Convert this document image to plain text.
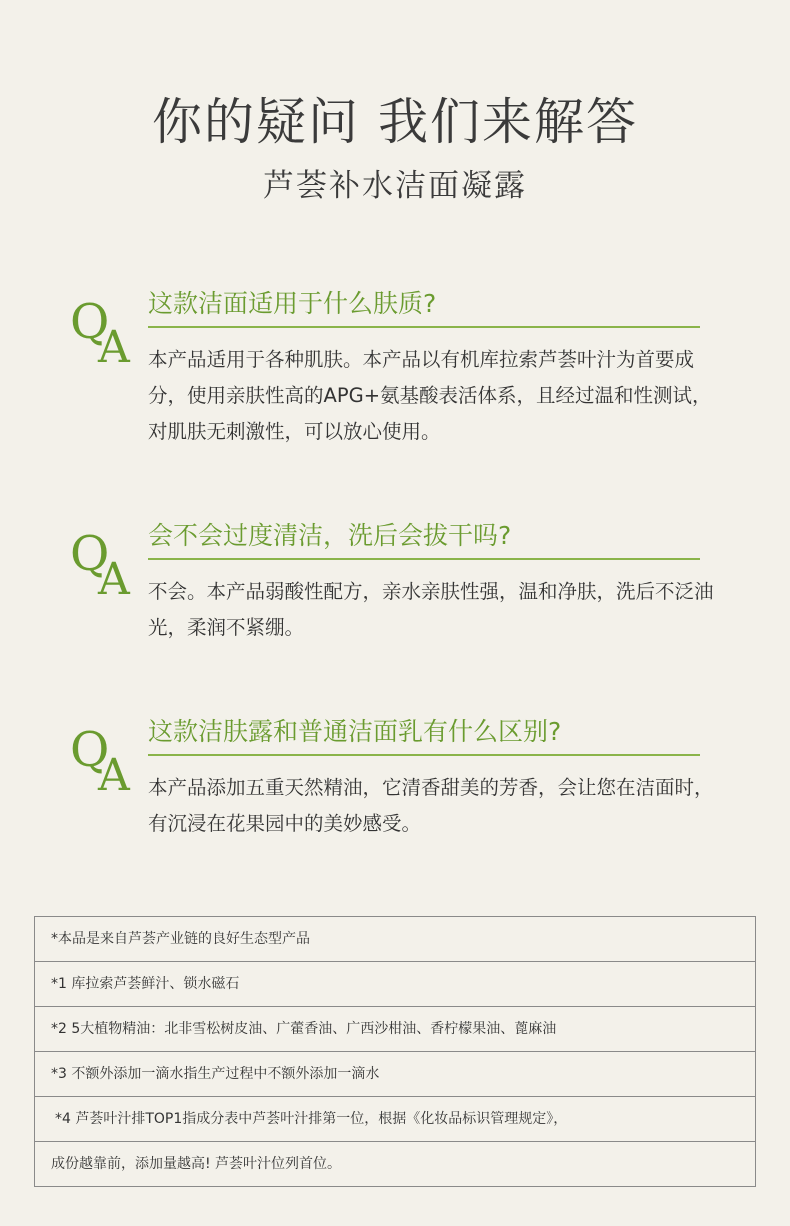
你的疑问 我们来解答
芦荟补水洁面凝露
Q
A
这款洁面适用于什么肤质?
本产品适用于各种肌肤。本产品以有机库拉索芦荟叶汁为首要成分，使用亲肤性高的APG+氨基酸表活体系，且经过温和性测试，对肌肤无刺激性，可以放心使用。
Q
A
会不会过度清洁，洗后会拔干吗?
不会。本产品弱酸性配方，亲水亲肤性强，温和净肤，洗后不泛油光，柔润不紧绷。
Q
A
这款洁肤露和普通洁面乳有什么区别?
本产品添加五重天然精油，它清香甜美的芳香，会让您在洁面时，有沉浸在花果园中的美妙感受。
*本品是来自芦荟产业链的良好生态型产品
*1 库拉索芦荟鲜汁、锁水磁石
*2 5大植物精油：北非雪松树皮油、广藿香油、广西沙柑油、香柠檬果油、蓖麻油
*3 不额外添加一滴水指生产过程中不额外添加一滴水
*4 芦荟叶汁排TOP1指成分表中芦荟叶汁排第一位，根据《化妆品标识管理规定》，
成份越靠前，添加量越高! 芦荟叶汁位列首位。
